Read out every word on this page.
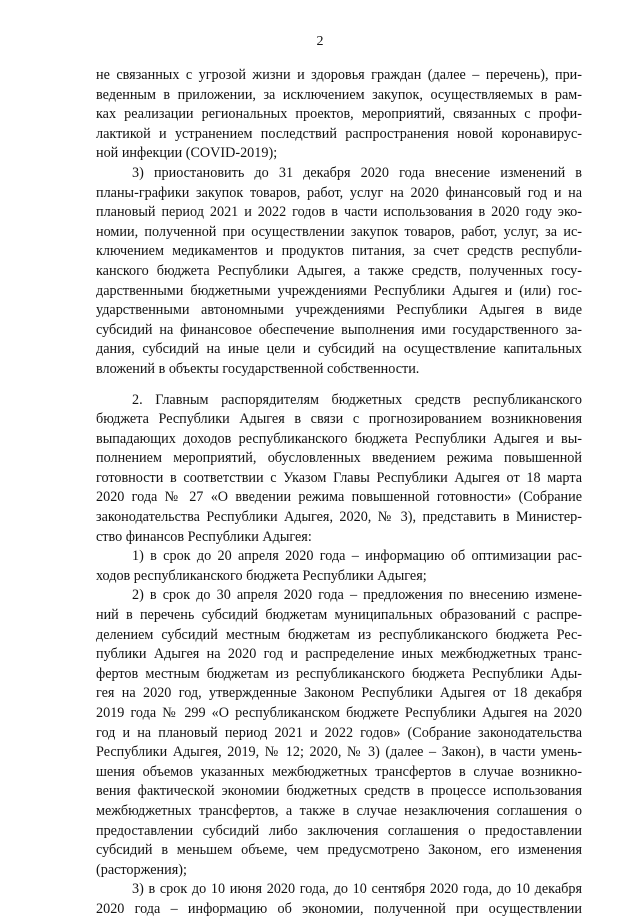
2
не связанных с угрозой жизни и здоровья граждан (далее – перечень), при-
веденным в приложении, за исключением закупок, осуществляемых в рам-
ках реализации региональных проектов, мероприятий, связанных с профи-
лактикой и устранением последствий распространения новой коронавирус-
ной инфекции (COVID-2019);
3) приостановить до 31 декабря 2020 года внесение изменений в
планы-графики закупок товаров, работ, услуг на 2020 финансовый год и на
плановый период 2021 и 2022 годов в части использования в 2020 году эко-
номии, полученной при осуществлении закупок товаров, работ, услуг, за ис-
ключением медикаментов и продуктов питания, за счет средств республи-
канского бюджета Республики Адыгея, а также средств, полученных госу-
дарственными бюджетными учреждениями Республики Адыгея и (или) гос-
ударственными автономными учреждениями Республики Адыгея в виде
субсидий на финансовое обеспечение выполнения ими государственного за-
дания, субсидий на иные цели и субсидий на осуществление капитальных
вложений в объекты государственной собственности.
2. Главным распорядителям бюджетных средств республиканского
бюджета Республики Адыгея в связи с прогнозированием возникновения
выпадающих доходов республиканского бюджета Республики Адыгея и вы-
полнением мероприятий, обусловленных введением режима повышенной
готовности в соответствии с Указом Главы Республики Адыгея от 18 марта
2020 года № 27 «О введении режима повышенной готовности» (Собрание
законодательства Республики Адыгея, 2020, № 3), представить в Министер-
ство финансов Республики Адыгея:
1) в срок до 20 апреля 2020 года – информацию об оптимизации рас-
ходов республиканского бюджета Республики Адыгея;
2) в срок до 30 апреля 2020 года – предложения по внесению измене-
ний в перечень субсидий бюджетам муниципальных образований с распре-
делением субсидий местным бюджетам из республиканского бюджета Рес-
публики Адыгея на 2020 год и распределение иных межбюджетных транс-
фертов местным бюджетам из республиканского бюджета Республики Ады-
гея на 2020 год, утвержденные Законом Республики Адыгея от 18 декабря
2019 года № 299 «О республиканском бюджете Республики Адыгея на 2020
год и на плановый период 2021 и 2022 годов» (Собрание законодательства
Республики Адыгея, 2019, № 12; 2020, № 3) (далее – Закон), в части умень-
шения объемов указанных межбюджетных трансфертов в случае возникно-
вения фактической экономии бюджетных средств в процессе использования
межбюджетных трансфертов, а также в случае незаключения соглашения о
предоставлении субсидий либо заключения соглашения о предоставлении
субсидий в меньшем объеме, чем предусмотрено Законом, его изменения
(расторжения);
3) в срок до 10 июня 2020 года, до 10 сентября 2020 года, до 10 декабря
2020 года – информацию об экономии, полученной при осуществлении
